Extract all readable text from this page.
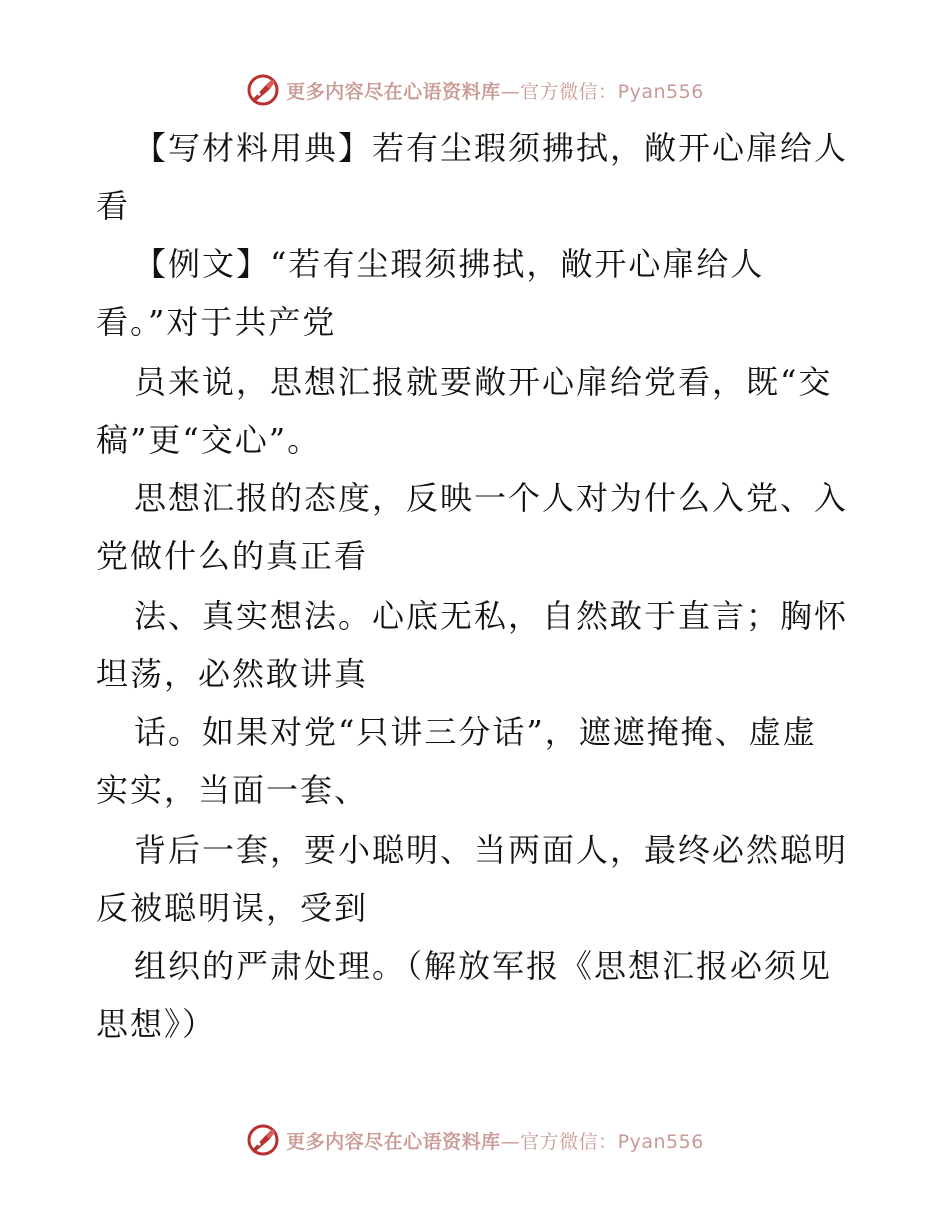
更多内容尽在心语资料库—官方微信：Pyan556
【写材料用典】若有尘瑕须拂拭，敞开心扉给人
看
【例文】“若有尘瑕须拂拭，敞开心扉给人
看。”对于共产党
员来说，思想汇报就要敞开心扉给党看，既“交
稿”更“交心”。
思想汇报的态度，反映一个人对为什么入党、入
党做什么的真正看
法、真实想法。心底无私，自然敢于直言；胸怀
坦荡，必然敢讲真
话。如果对党“只讲三分话”，遮遮掩掩、虚虚
实实，当面一套、
背后一套，要小聪明、当两面人，最终必然聪明
反被聪明误，受到
组织的严肃处理。（解放军报《思想汇报必须见
思想》）
更多内容尽在心语资料库—官方微信：Pyan556
